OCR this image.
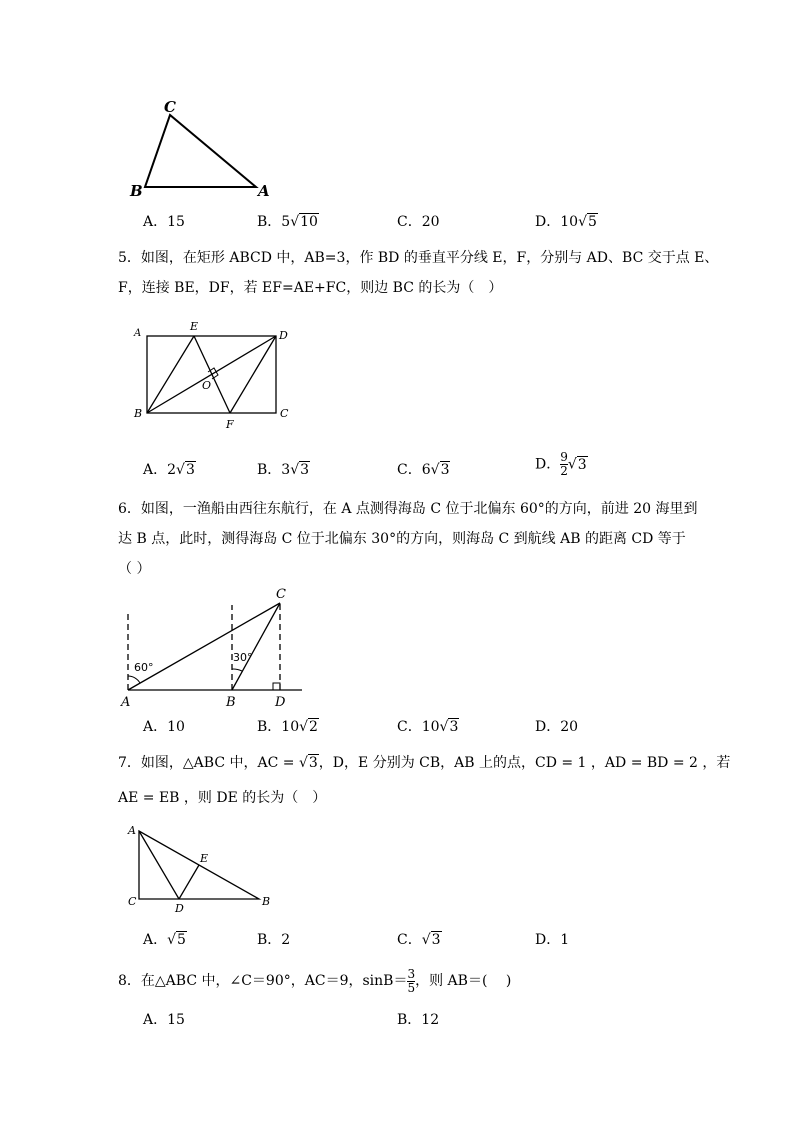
C
B	A
A．15	B．5√10	C．20	D．10√5
5．如图，在矩形 ABCD 中，AB=3，作 BD 的垂直平分线 E，F，分别与 AD、BC 交于点 E、
F，连接 BE，DF，若 EF=AE+FC，则边 BC 的长为（　）
A
E
D
O
B
F
C
A．2√3	B．3√3	C．6√3	D． $\frac{9}{2} √3$
6．如图，一渔船由西往东航行，在 A 点测得海岛 C 位于北偏东 60°的方向，前进 20 海里到
达 B 点，此时，测得海岛 C 位于北偏东 30°的方向，则海岛 C 到航线 AB 的距离 CD 等于
（ ）
60°
30°
C
A	B	D
A．10	B．10√2	C．10√3	D．20
7．如图，△ABC 中，AC = √3，D，E 分别为 CB，AB 上的点，CD = 1 ，AD = BD = 2 ，若
AE = EB ，则 DE 的长为（　）
A
E
C
D
B
A．√5	B．2	C．√3	D．1
8．在△ABC 中，∠C＝90°，AC＝9，$\sin B= \frac{3}{5}$ ，则 AB＝(　 )
A．15	B．12
